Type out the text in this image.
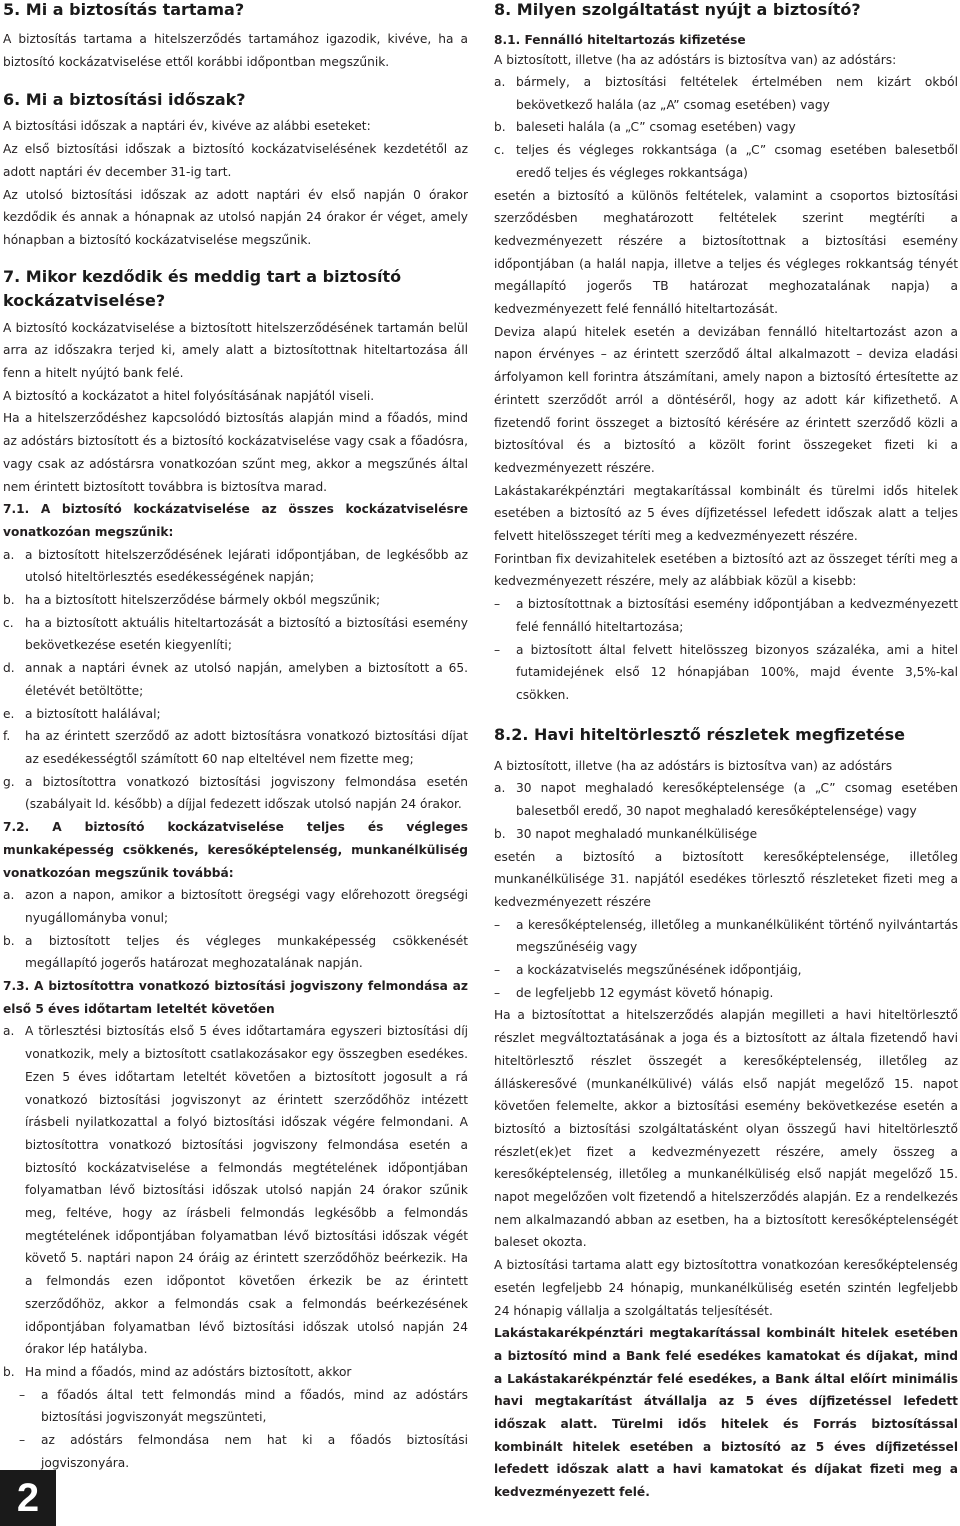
5. Mi a biztosítás tartama?

A biztosítás tartama a hitelszerződés tartamához igazodik, kivéve, ha a biztosító kockázatviselése ettől korábbi időpontban megszűnik.

6. Mi a biztosítási időszak?

A biztosítási időszak a naptári év, kivéve az alábbi eseteket:

Az első biztosítási időszak a biztosító kockázatviselésének kezdetétől az adott naptári év december 31-ig tart.

Az utolsó biztosítási időszak az adott naptári év első napján 0 órakor kezdődik és annak a hónapnak az utolsó napján 24 órakor ér véget, amely hónapban a biztosító kockázatviselése megszűnik.

7. Mikor kezdődik és meddig tart a biztosító kockázatviselése?

A biztosító kockázatviselése a biztosított hitelszerződésének tartamán belül arra az időszakra terjed ki, amely alatt a biztosítottnak hiteltartozása áll fenn a hitelt nyújtó bank felé.

A biztosító a kockázatot a hitel folyósításának napjától viseli.

Ha a hitelszerződéshez kapcsolódó biztosítás alapján mind a főadós, mind az adóstárs biztosított és a biztosító kockázatviselése vagy csak a főadósra, vagy csak az adóstársra vonatkozóan szűnt meg, akkor a megszűnés által nem érintett biztosított továbbra is biztosítva marad.

7.1. A biztosító kockázatviselése az összes kockázatviselésre vonatkozóan megszűnik:
a. a biztosított hitelszerződésének lejárati időpontjában, de legkésőbb az utolsó hiteltörlesztés esedékességének napján;
b. ha a biztosított hitelszerződése bármely okból megszűnik;
c. ha a biztosított aktuális hiteltartozását a biztosító a biztosítási esemény bekövetkezése esetén kiegyenlíti;
d. annak a naptári évnek az utolsó napján, amelyben a biztosított a 65. életévét betöltötte;
e. a biztosított halálával;
f. ha az érintett szerződő az adott biztosításra vonatkozó biztosítási díjat az esedékességtől számított 60 nap elteltével nem fizette meg;
g. a biztosítottra vonatkozó biztosítási jogviszony felmondása esetén (szabályait ld. később) a díjjal fedezett időszak utolsó napján 24 órakor.
7.2. A biztosító kockázatviselése teljes és végleges munkaképesség csökkenés, keresőképtelenség, munkanélküliség vonatkozóan megszűnik továbbá:
a. azon a napon, amikor a biztosított öregségi vagy előrehozott öregségi nyugállományba vonul;
b. a biztosított teljes és végleges munkaképesség csökkenését megállapító jogerős határozat meghozatalának napján.
7.3. A biztosítottra vonatkozó biztosítási jogviszony felmondása az első 5 éves időtartam leteltét követően
a. A törlesztési biztosítás első 5 éves időtartamára egyszeri biztosítási díj vonatkozik, mely a biztosított csatlakozásakor egy összegben esedékes. Ezen 5 éves időtartam leteltét követően a biztosított jogosult a rá vonatkozó biztosítási jogviszonyt az érintett szerződőhöz intézett írásbeli nyilatkozattal a folyó biztosítási időszak végére felmondani. A biztosítottra vonatkozó biztosítási jogviszony felmondása esetén a biztosító kockázatviselése a felmondás megtételének időpontjában folyamatban lévő biztosítási időszak utolsó napján 24 órakor szűnik meg, feltéve, hogy az írásbeli felmondás legkésőbb a felmondás megtételének időpontjában folyamatban lévő biztosítási időszak végét követő 5. naptári napon 24 óráig az érintett szerződőhöz beérkezik. Ha a felmondás ezen időpontot követően érkezik be az érintett szerződőhöz, akkor a felmondás csak a felmondás beérkezésének időpontjában folyamatban lévő biztosítási időszak utolsó napján 24 órakor lép hatályba.
b. Ha mind a főadós, mind az adóstárs biztosított, akkor
– a főadós által tett felmondás mind a főadós, mind az adóstárs biztosítási jogviszonyát megszünteti,
– az adóstárs felmondása nem hat ki a főadós biztosítási jogviszonyára.
8. Milyen szolgáltatást nyújt a biztosító?
8.1. Fennálló hiteltartozás kifizetése

A biztosított, illetve (ha az adóstárs is biztosítva van) az adóstárs:

a. bármely, a biztosítási feltételek értelmében nem kizárt okból bekövetkező halála (az „A” csomag esetében) vagy
b. baleseti halála (a „C” csomag esetében) vagy
c. teljes és végleges rokkantsága (a „C” csomag esetében balesetből eredő teljes és végleges rokkantsága)

esetén a biztosító a különös feltételek, valamint a csoportos biztosítási szerződésben meghatározott feltételek szerint megtéríti a kedvezményezett részére a biztosítottnak a biztosítási esemény időpontjában (a halál napja, illetve a teljes és végleges rokkantság tényét megállapító jogerős TB határozat meghozatalának napja) a kedvezményezett felé fennálló hiteltartozását.

Deviza alapú hitelek esetén a devizában fennálló hiteltartozást azon a napon érvényes – az érintett szerződő által alkalmazott – deviza eladási árfolyamon kell forintra átszámítani, amely napon a biztosító értesítette az érintett szerződőt arról a döntéséről, hogy az adott kár kifizethető. A fizetendő forint összeget a biztosító kérésére az érintett szerződő közli a biztosítóval és a biztosító a közölt forint összegeket fizeti ki a kedvezményezett részére.

Lakástakarékpénztári megtakarítással kombinált és türelmi idős hitelek esetében a biztosító az 5 éves díjfizetéssel lefedett időszak alatt a teljes felvett hitelösszeget téríti meg a kedvezményezett részére.

Forintban fix devizahitelek esetében a biztosító azt az összeget téríti meg a kedvezményezett részére, mely az alábbiak közül a kisebb:

– a biztosítottnak a biztosítási esemény időpontjában a kedvezményezett felé fennálló hiteltartozása;
– a biztosított által felvett hitelösszeg bizonyos százaléka, ami a hitel futamidejének első 12 hónapjában 100%, majd évente 3,5%-kal csökken.
8.2. Havi hiteltörlesztő részletek megfizetése

A biztosított, illetve (ha az adóstárs is biztosítva van) az adóstárs

a. 30 napot meghaladó keresőképtelensége (a „C” csomag esetében balesetből eredő, 30 napot meghaladó keresőképtelensége) vagy
b. 30 napot meghaladó munkanélkülisége

esetén a biztosító a biztosított keresőképtelensége, illetőleg munkanélkülisége 31. napjától esedékes törlesztő részleteket fizeti meg a kedvezményezett részére

– a keresőképtelenség, illetőleg a munkanélküliként történő nyilvántartás megszűnéséig vagy
– a kockázatviselés megszűnésének időpontjáig,
– de legfeljebb 12 egymást követő hónapig.

Ha a biztosítottat a hitelszerződés alapján megilleti a havi hiteltörlesztő részlet megváltoztatásának a joga és a biztosított az általa fizetendő havi hiteltörlesztő részlet összegét a keresőképtelenség, illetőleg az álláskeresővé (munkanélkülivé) válás első napját megelőző 15. napot követően felemelte, akkor a biztosítási esemény bekövetkezése esetén a biztosító a biztosítási szolgáltatásként olyan összegű havi hiteltörlesztő részlet(ek)et fizet a kedvezményezett részére, amely összeg a keresőképtelenség, illetőleg a munkanélküliség első napját megelőző 15. napot megelőzően volt fizetendő a hitelszerződés alapján. Ez a rendelkezés nem alkalmazandó abban az esetben, ha a biztosított keresőképtelenségét baleset okozta.

A biztosítási tartama alatt egy biztosítottra vonatkozóan keresőképtelenség esetén legfeljebb 24 hónapig, munkanélküliség esetén szintén legfeljebb 24 hónapig vállalja a szolgáltatás teljesítését.

Lakástakarékpénztári megtakarítással kombinált hitelek esetében a biztosító mind a Bank felé esedékes kamatokat és díjakat, mind a Lakástakarékpénztár felé esedékes, a Bank által előírt minimális havi megtakarítást átvállalja az 5 éves díjfizetéssel lefedett időszak alatt. Türelmi idős hitelek és Forrás biztosítással kombinált hitelek esetében a biztosító az 5 éves díjfizetéssel lefedett időszak alatt a havi kamatokat és díjakat fizeti meg a kedvezményezett felé.

2
